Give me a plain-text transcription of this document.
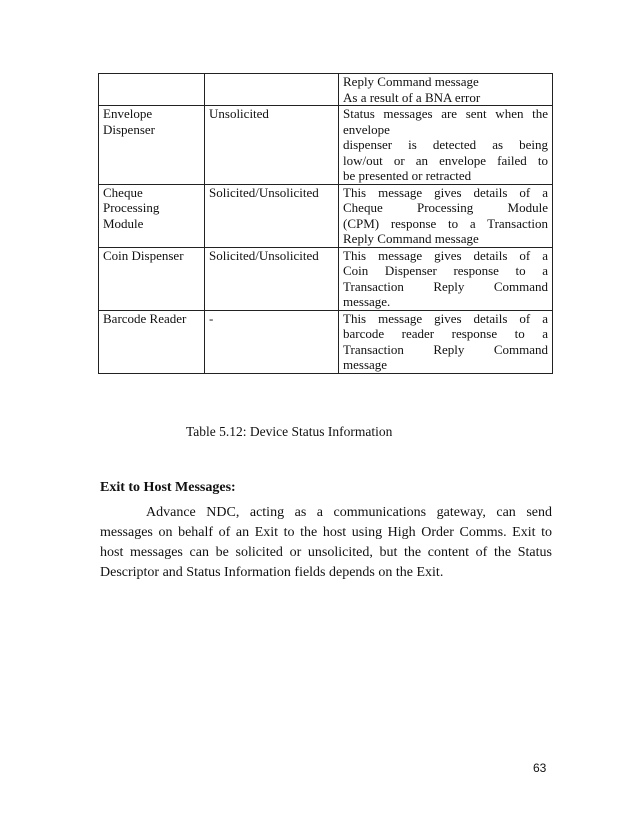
		Reply Command message
As a result of a BNA error

Envelope Dispenser	Unsolicited	Status messages are sent when the
envelope
dispenser is detected as being
low/out or an envelope failed to
be presented or retracted

Cheque Processing Module	Solicited/Unsolicited	This message gives details of a
Cheque Processing Module
(CPM) response to a Transaction
Reply Command message

Coin Dispenser	Solicited/Unsolicited	This message gives details of a
Coin Dispenser response to a
Transaction Reply Command
message.

Barcode Reader	-	This message gives details of a
barcode reader response to a
Transaction Reply Command
message
Table 5.12: Device Status Information
Exit to Host Messages:
Advance NDC, acting as a communications gateway, can send
messages on behalf of an Exit to the host using High Order Comms. Exit to
host messages can be solicited or unsolicited, but the content of the Status
Descriptor and Status Information fields depends on the Exit.
63
